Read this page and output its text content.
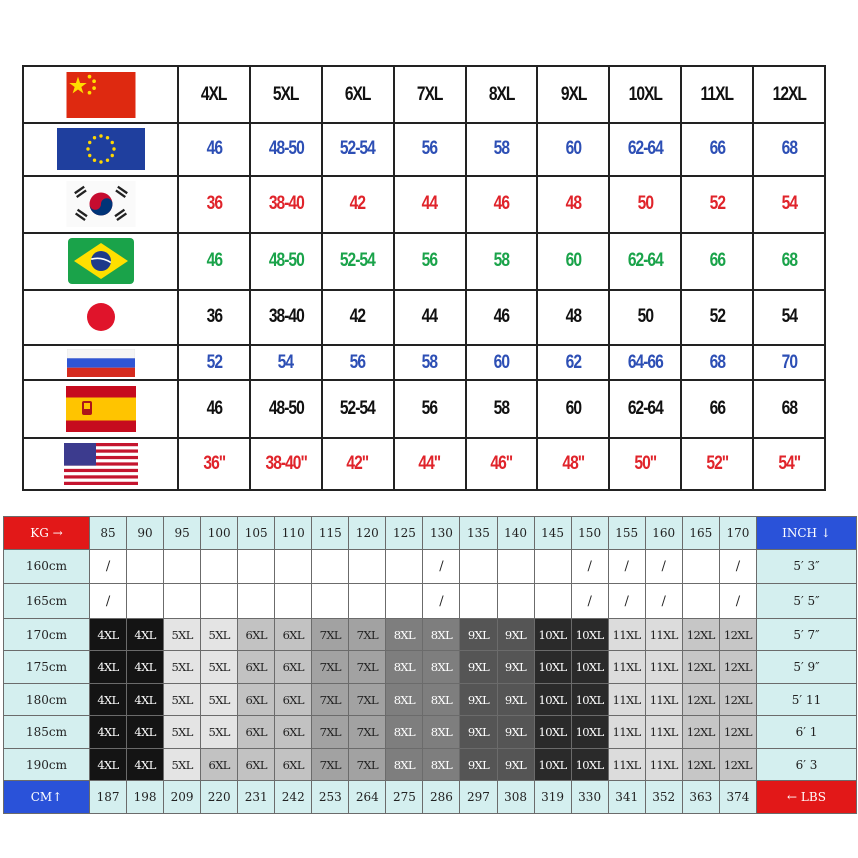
	4XL	5XL	6XL	7XL	8XL	9XL	10XL	11XL	12XL

	46	48-50	52-54	56	58	60	62-64	66	68

	36	38-40	42	44	46	48	50	52	54

	46	48-50	52-54	56	58	60	62-64	66	68

	36	38-40	42	44	46	48	50	52	54

	52	54	56	58	60	62	64-66	68	70

	46	48-50	52-54	56	58	60	62-64	66	68

	36"	38-40"	42"	44"	46"	48"	50"	52"	54"
KG →	85	90	95	100	105	110	115	120	125	130	135	140	145	150	155	160	165	170	INCH ↓
160cm	/									/				/	/	/		/	5′ 3″
165cm	/									/				/	/	/		/	5′ 5″
170cm	4XL	4XL	5XL	5XL	6XL	6XL	7XL	7XL	8XL	8XL	9XL	9XL	10XL	10XL	11XL	11XL	12XL	12XL	5′ 7″
175cm	4XL	4XL	5XL	5XL	6XL	6XL	7XL	7XL	8XL	8XL	9XL	9XL	10XL	10XL	11XL	11XL	12XL	12XL	5′ 9″
180cm	4XL	4XL	5XL	5XL	6XL	6XL	7XL	7XL	8XL	8XL	9XL	9XL	10XL	10XL	11XL	11XL	12XL	12XL	5′ 11
185cm	4XL	4XL	5XL	5XL	6XL	6XL	7XL	7XL	8XL	8XL	9XL	9XL	10XL	10XL	11XL	11XL	12XL	12XL	6′ 1
190cm	4XL	4XL	5XL	6XL	6XL	6XL	7XL	7XL	8XL	8XL	9XL	9XL	10XL	10XL	11XL	11XL	12XL	12XL	6′ 3
CM↑	187	198	209	220	231	242	253	264	275	286	297	308	319	330	341	352	363	374	← LBS
